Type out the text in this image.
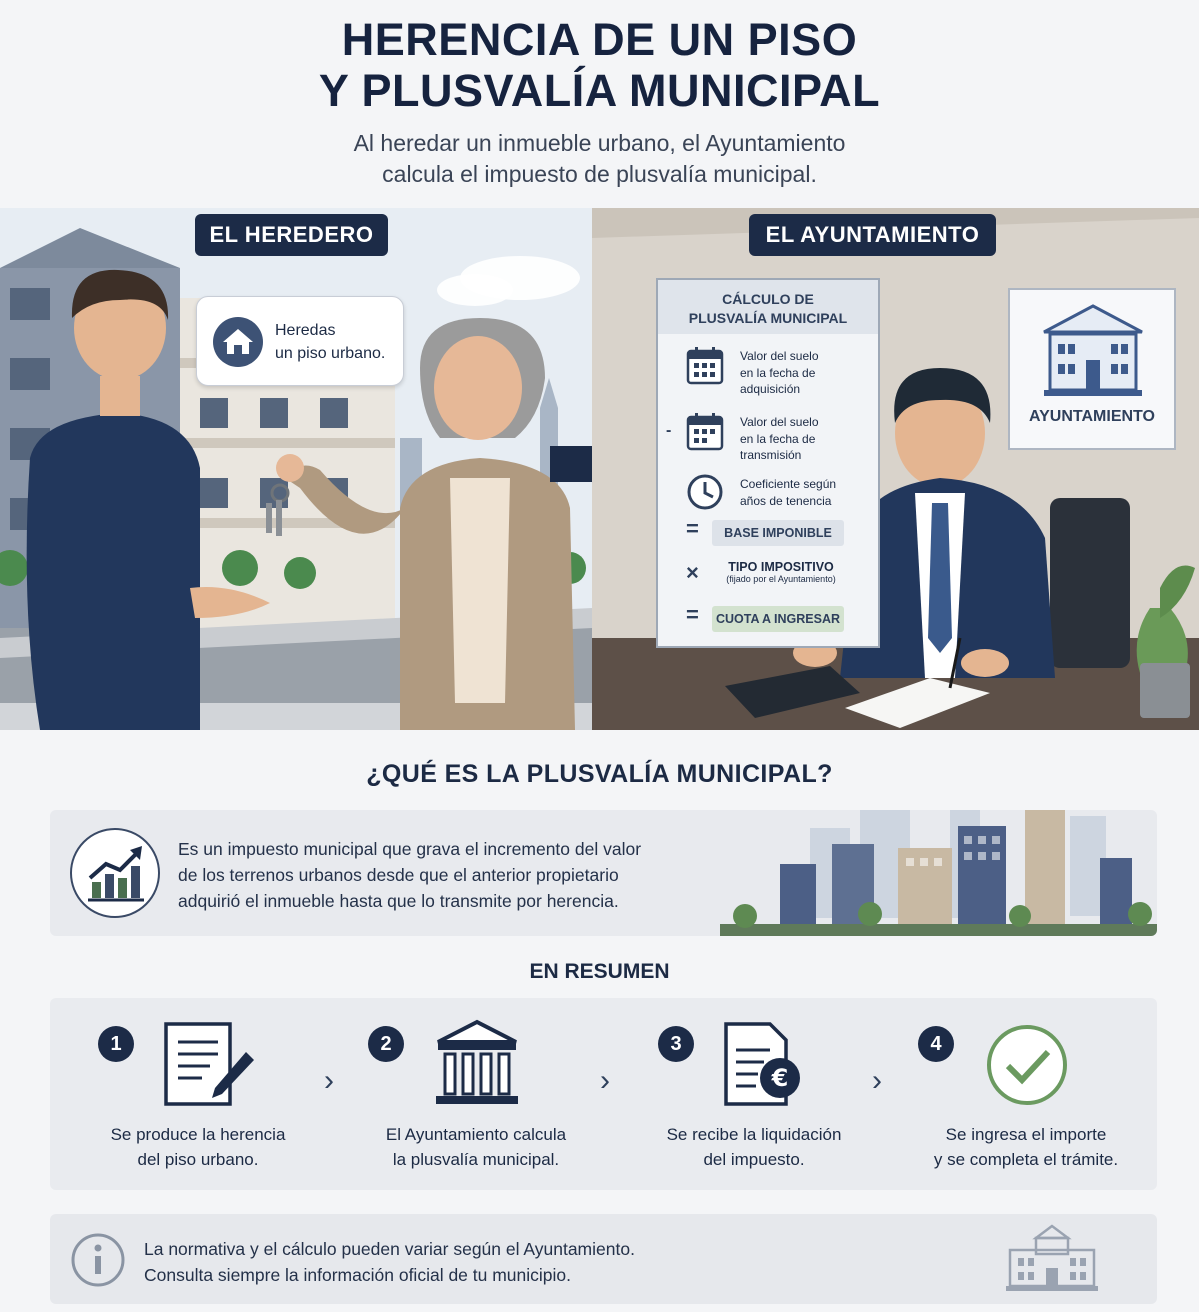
HERENCIA DE UN PISO
Y PLUSVALÍA MUNICIPAL
Al heredar un inmueble urbano, el Ayuntamiento
calcula el impuesto de plusvalía municipal.
EL HEREDERO	EL AYUNTAMIENTO
Heredas
un piso urbano.
CÁLCULO DE
PLUSVALÍA MUNICIPAL
Valor del suelo
en la fecha de
adquisición
-	Valor del suelo
en la fecha de
transmisión
Coeficiente según
años de tenencia
=	BASE IMPONIBLE
×	TIPO IMPOSITIVO
(fijado por el Ayuntamiento)
=	CUOTA A INGRESAR
AYUNTAMIENTO
¿QUÉ ES LA PLUSVALÍA MUNICIPAL?
Es un impuesto municipal que grava el incremento del valor
de los terrenos urbanos desde que el anterior propietario
adquirió el inmueble hasta que lo transmite por herencia.
EN RESUMEN
1
Se produce la herencia
del piso urbano.
›
2
El Ayuntamiento calcula
la plusvalía municipal.
›
3
€
Se recibe la liquidación
del impuesto.
›
4
Se ingresa el importe
y se completa el trámite.
La normativa y el cálculo pueden variar según el Ayuntamiento.
Consulta siempre la información oficial de tu municipio.
